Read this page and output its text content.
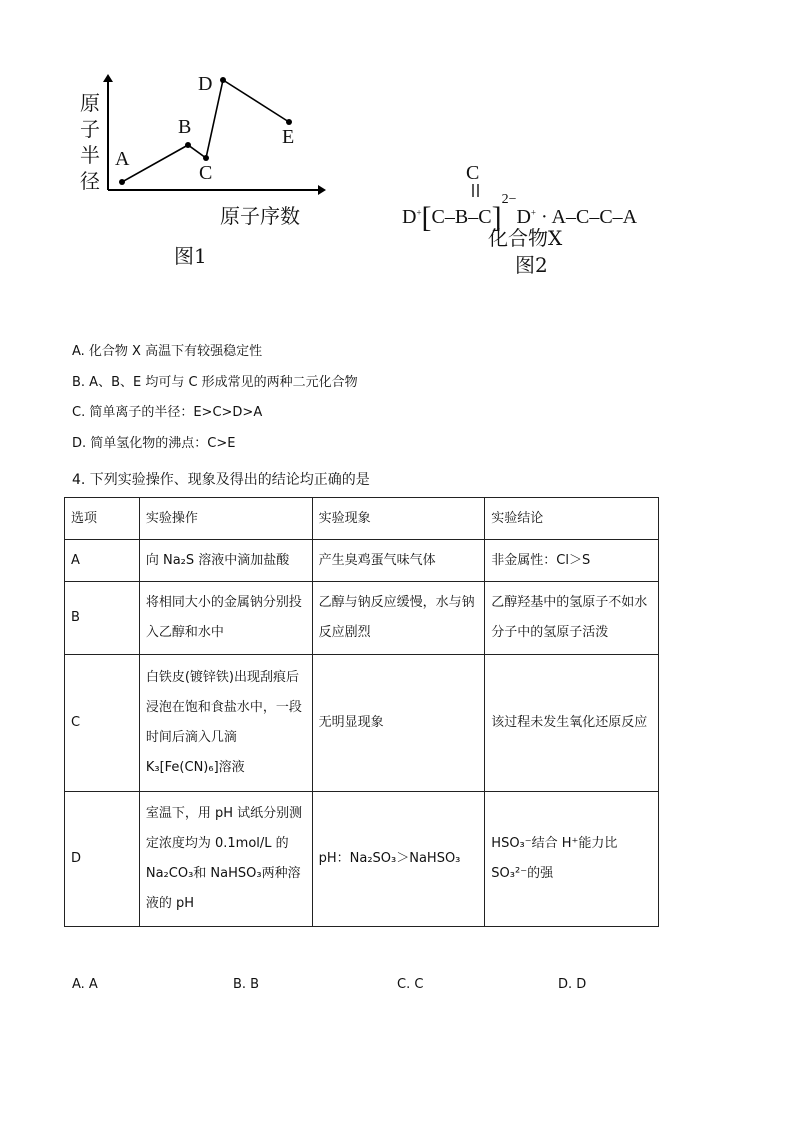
原子半径
原子序数
A
B
C
D
E
图1
$D^+[C-B-C]^{2-}D^+ \cdot A-C-C-A$
C
化合物X
图2
A. 化合物 X 高温下有较强稳定性
B. A、B、E 均可与 C 形成常见的两种二元化合物
C. 简单离子的半径：E>C>D>A
D. 简单氢化物的沸点：C>E
4. 下列实验操作、现象及得出的结论均正确的是
选项	实验操作	实验现象	实验结论
A	向 Na₂S 溶液中滴加盐酸	产生臭鸡蛋气味气体	非金属性：Cl＞S
B	将相同大小的金属钠分别投入乙醇和水中	乙醇与钠反应缓慢，水与钠反应剧烈	乙醇羟基中的氢原子不如水分子中的氢原子活泼
C	白铁皮(镀锌铁)出现刮痕后浸泡在饱和食盐水中，一段时间后滴入几滴 K₃[Fe(CN)₆]溶液	无明显现象	该过程未发生氧化还原反应
D	室温下，用 pH 试纸分别测定浓度均为 0.1mol/L 的 Na₂CO₃和 NaHSO₃两种溶液的 pH	pH：Na₂SO₃＞NaHSO₃	HSO₃⁻结合 H⁺能力比 SO₃²⁻的强
A. A	B. B	C. C	D. D
